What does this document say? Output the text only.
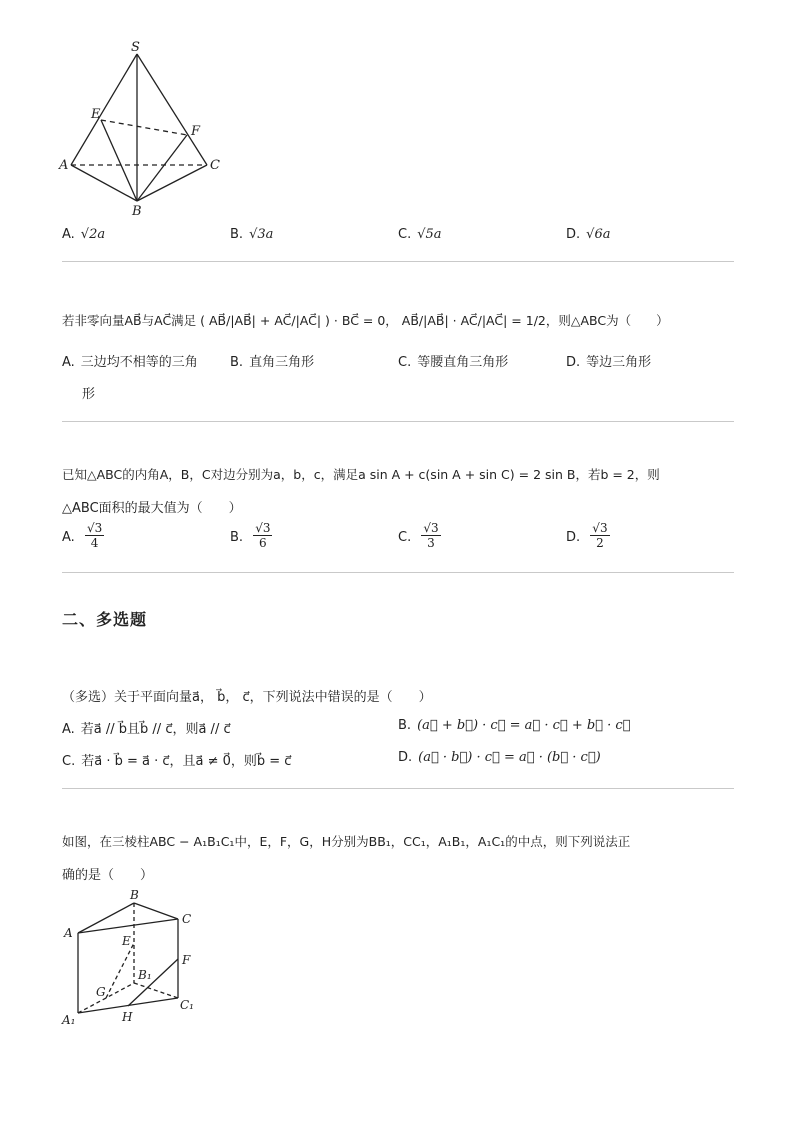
S
E
F
A	C
B
A. √2a	B. √3a	C. √5a	D. √6a
若非零向量AB⃗与AC⃗满足 ( AB⃗/|AB⃗| + AC⃗/|AC⃗| ) · BC⃗ = 0， AB⃗/|AB⃗| · AC⃗/|AC⃗| = 1/2，则△ABC为（　　）
A. 三边均不相等的三角
形
B. 直角三角形	C. 等腰直角三角形	D. 等边三角形
已知△ABC的内角A，B，C对边分别为a，b，c，满足a sin A + c(sin A + sin C) = 2 sin B，若b = 2，则
△ABC面积的最大值为（　　）
A. $\frac{√3}{4}$	B. $\frac{√3}{6}$	C. $\frac{√3}{3}$	D. $\frac{√3}{2}$
二、多选题
（多选）关于平面向量a⃗， b⃗， c⃗，下列说法中错误的是（　　）
A. 若a⃗ // b⃗且b⃗ // c⃗，则a⃗ // c⃗	B. (a⃗ + b⃗) · c⃗ = a⃗ · c⃗ + b⃗ · c⃗
C. 若a⃗ · b⃗ = a⃗ · c⃗，且a⃗ ≠ 0⃗，则b⃗ = c⃗	D. (a⃗ · b⃗) · c⃗ = a⃗ · (b⃗ · c⃗)
如图，在三棱柱ABC − A₁B₁C₁中，E，F，G，H分别为BB₁，CC₁，A₁B₁，A₁C₁的中点，则下列说法正
确的是（　　）
B
C
A
E
F
B₁
G
A₁	H
C₁
